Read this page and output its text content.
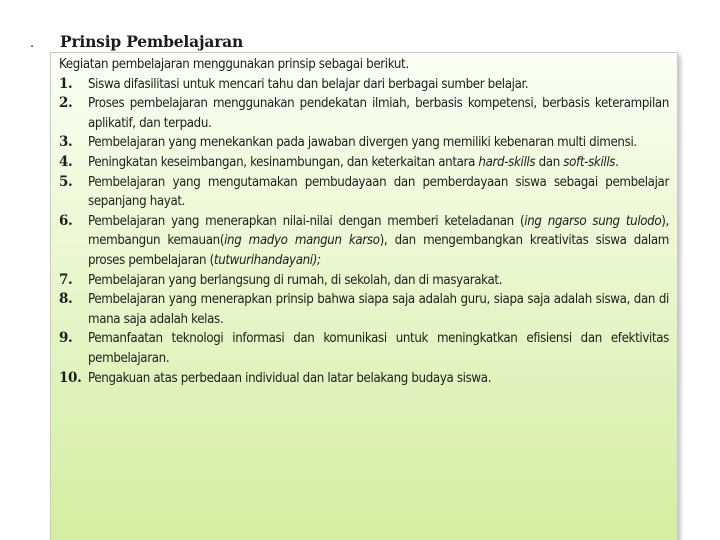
. Prinsip Pembelajaran

Kegiatan pembelajaran menggunakan prinsip sebagai berikut.

1. Siswa difasilitasi untuk mencari tahu dan belajar dari berbagai sumber belajar.
2. Proses pembelajaran menggunakan pendekatan ilmiah, berbasis kompetensi, berbasis keterampilan aplikatif, dan terpadu.
3. Pembelajaran yang menekankan pada jawaban divergen yang memiliki kebenaran multi dimensi.
4. Peningkatan keseimbangan, kesinambungan, dan keterkaitan antara hard-skills dan soft-skills.
5. Pembelajaran yang mengutamakan pembudayaan dan pemberdayaan siswa sebagai pembelajar sepanjang hayat.
6. Pembelajaran yang menerapkan nilai-nilai dengan memberi keteladanan (ing ngarso sung tulodo), membangun kemauan(ing madyo mangun karso), dan mengembangkan kreativitas siswa dalam proses pembelajaran (tutwurihandayani);
7. Pembelajaran yang berlangsung di rumah, di sekolah, dan di masyarakat.
8. Pembelajaran yang menerapkan prinsip bahwa siapa saja adalah guru, siapa saja adalah siswa, dan di mana saja adalah kelas.
9. Pemanfaatan teknologi informasi dan komunikasi untuk meningkatkan efisiensi dan efektivitas pembelajaran.
10. Pengakuan atas perbedaan individual dan latar belakang budaya siswa.
